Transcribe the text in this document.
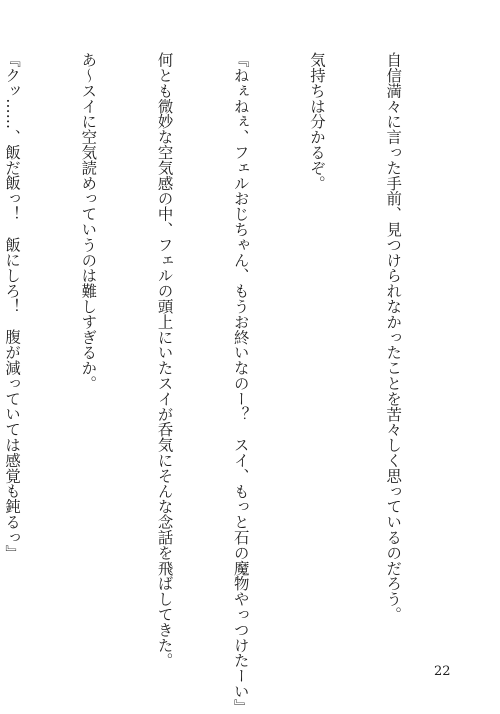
自信満々に言った手前、見つけられなかったことを苦々しく思っているのだろう。

気持ちは分かるぞ。

『ねぇねぇ、フェルおじちゃん、もうお終いなのー？　スイ、もっと石の魔物やっつけたーい』

何とも微妙な空気感の中、フェルの頭上にいたスイが呑気にそんな念話を飛ばしてきた。

あ～スイに空気読めっていうのは難しすぎるか。

『クッ……、飯だ飯っ！　飯にしろ！　腹が減っていては感覚も鈍るっ』

22
